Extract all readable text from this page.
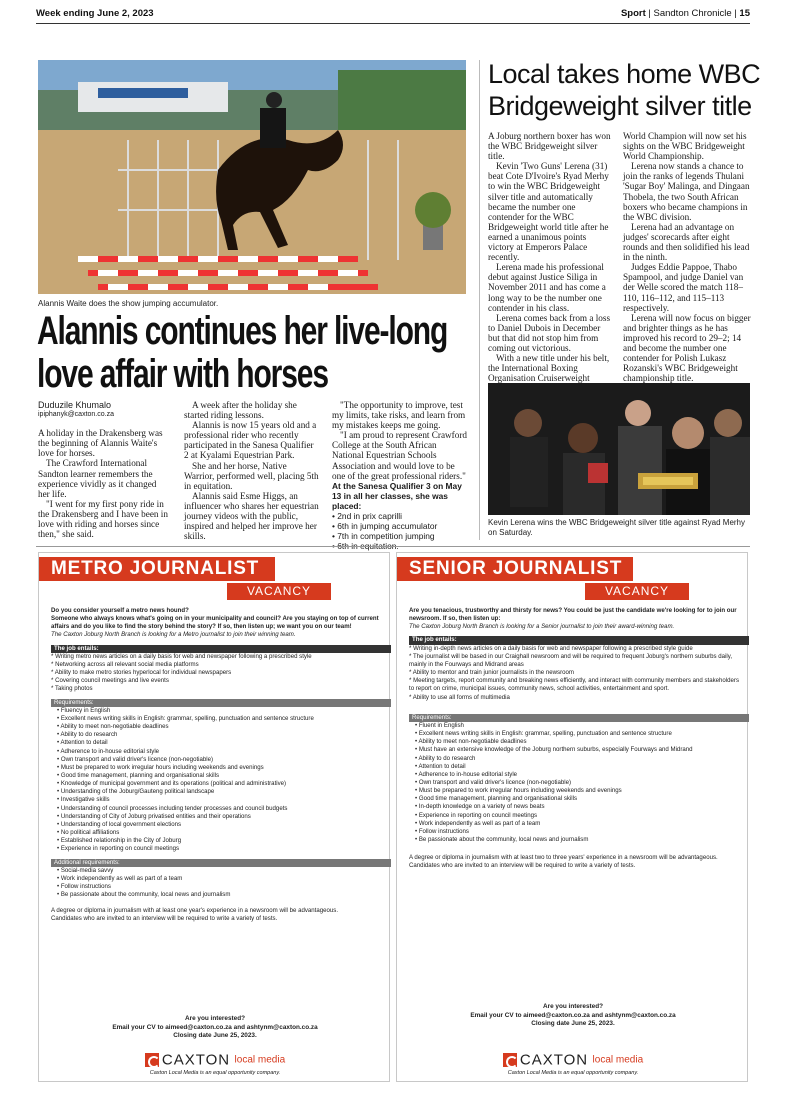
Week ending June 2, 2023	Sport | Sandton Chronicle | 15
Alannis Waite does the show jumping accumulator.
Alannis continues her live-long
love affair with horses
Duduzile Khumalo
ipiphanyk@caxton.co.za

A holiday in the Drakensberg was the beginning of Alannis Waite's love for horses.

The Crawford International Sandton learner remembers the experience vividly as it changed her life.

"I went for my first pony ride in the Drakensberg and I have been in love with riding and horses since then," she said.

A week after the holiday she started riding lessons.

Alannis is now 15 years old and a professional rider who recently participated in the Sanesa Qualifier 2 at Kyalami Equestrian Park.

She and her horse, Native Warrior, performed well, placing 5th in equitation.

Alannis said Esme Higgs, an influencer who shares her equestrian journey videos with the public, inspired and helped her improve her skills.

"The opportunity to improve, test my limits, take risks, and learn from my mistakes keeps me going.

"I am proud to represent Crawford College at the South African National Equestrian Schools Association and would love to be one of the great professional riders."

At the Sanesa Qualifier 3 on May 13 in all her classes, she was placed:

• 2nd in prix caprilli

• 6th in jumping accumulator

• 7th in competition jumping

Local takes home WBC
Bridgeweight silver title

A Joburg northern boxer has won the WBC Bridgeweight silver title.

Kevin 'Two Guns' Lerena (31) beat Cote D'Ivoire's Ryad Merhy to win the WBC Bridgeweight silver title and automatically became the number one contender for the WBC Bridgeweight world title after he earned a unanimous points victory at Emperors Palace recently.

Lerena made his professional debut against Justice Siliga in November 2011 and has come a long way to be the number one contender in his class.

Lerena comes back from a loss to Daniel Dubois in December but that did not stop him from coming out victorious.

With a new title under his belt, the International Boxing Organisation Cruiserweight

World Champion will now set his sights on the WBC Bridgeweight World Championship.

Lerena now stands a chance to join the ranks of legends Thulani 'Sugar Boy' Malinga, and Dingaan Thobela, the two South African boxers who became champions in the WBC division.

Lerena had an advantage on judges' scorecards after eight rounds and then solidified his lead in the ninth.

Judges Eddie Pappoe, Thabo Spampool, and judge Daniel van der Welle scored the match 118–110, 116–112, and 115–113 respectively.

Lerena will now focus on bigger and brighter things as he has improved his record to 29–2; 14 and become the number one contender for Polish Lukasz Rozanski's WBC Bridgeweight championship title.

Kevin Lerena wins the WBC Bridgeweight silver title against Ryad Merhy on Saturday.
METRO JOURNALIST
VACANCY
Do you consider yourself a metro news hound?
Someone who always knows what's going on in your municipality and council? Are you staying on top of current affairs and do you like to find the story behind the story? If so, then listen up; we want you on our team!
The Caxton Joburg North Branch is looking for a Metro journalist to join their winning team.
The job entails:
* Writing metro news articles on a daily basis for web and newspaper following a prescribed style
* Networking across all relevant social media platforms
* Ability to make metro stories hyperlocal for individual newspapers
* Covering council meetings and live events
* Taking photos
Requirements:
• Fluency in English
• Excellent news writing skills in English: grammar, spelling, punctuation and sentence structure
• Ability to meet non-negotiable deadlines
• Ability to do research
• Attention to detail
• Adherence to in-house editorial style
• Own transport and valid driver's licence (non-negotiable)
• Must be prepared to work irregular hours including weekends and evenings
• Good time management, planning and organisational skills
• Knowledge of municipal government and its operations (political and administrative)
• Understanding of the Joburg/Gauteng political landscape
• Investigative skills
• Understanding of council processes including tender processes and council budgets
• Understanding of City of Joburg privatised entities and their operations
• Understanding of local government elections
• No political affiliations
• Established relationship in the City of Joburg
• Experience in reporting on council meetings
Additional requirements:
• Social-media savvy
• Work independently as well as part of a team
• Follow instructions
• Be passionate about the community, local news and journalism
A degree or diploma in journalism with at least one year's experience in a newsroom will be advantageous.
Candidates who are invited to an interview will be required to write a variety of tests.
Are you interested?
Email your CV to aimeed@caxton.co.za and ashtynm@caxton.co.za
Closing date June 25, 2023.
CAXTON local media
Caxton Local Media is an equal opportunity company.
SENIOR JOURNALIST
VACANCY
Are you tenacious, trustworthy and thirsty for news? You could be just the candidate we're looking for to join our newsroom. If so, then listen up:
The Caxton Joburg North Branch is looking for a Senior journalist to join their award-winning team.
The job entails:
* Writing in-depth news articles on a daily basis for web and newspaper following a prescribed style guide
* The journalist will be based in our Craighall newsroom and will be required to frequent Joburg's northern suburbs daily, mainly in the Fourways and Midrand areas
* Ability to mentor and train junior journalists in the newsroom
* Meeting targets, report community and breaking news efficiently, and interact with community members and stakeholders to report on crime, municipal issues, community news, school activities, entertainment and sport.
* Ability to use all forms of multimedia
Requirements:
• Fluent in English
• Excellent news writing skills in English: grammar, spelling, punctuation and sentence structure
• Ability to meet non-negotiable deadlines
• Must have an extensive knowledge of the Joburg northern suburbs, especially Fourways and Midrand
• Ability to do research
• Attention to detail
• Adherence to in-house editorial style
• Own transport and valid driver's licence (non-negotiable)
• Must be prepared to work irregular hours including weekends and evenings
• Good time management, planning and organisational skills
• In-depth knowledge on a variety of news beats
• Experience in reporting on council meetings
• Work independently as well as part of a team
• Follow instructions
• Be passionate about the community, local news and journalism
A degree or diploma in journalism with at least two to three years' experience in a newsroom will be advantageous.
Candidates who are invited to an interview will be required to write a variety of tests.
Are you interested?
Email your CV to aimeed@caxton.co.za and ashtynm@caxton.co.za
Closing date June 25, 2023.
CAXTON local media
Caxton Local Media is an equal opportunity company.
